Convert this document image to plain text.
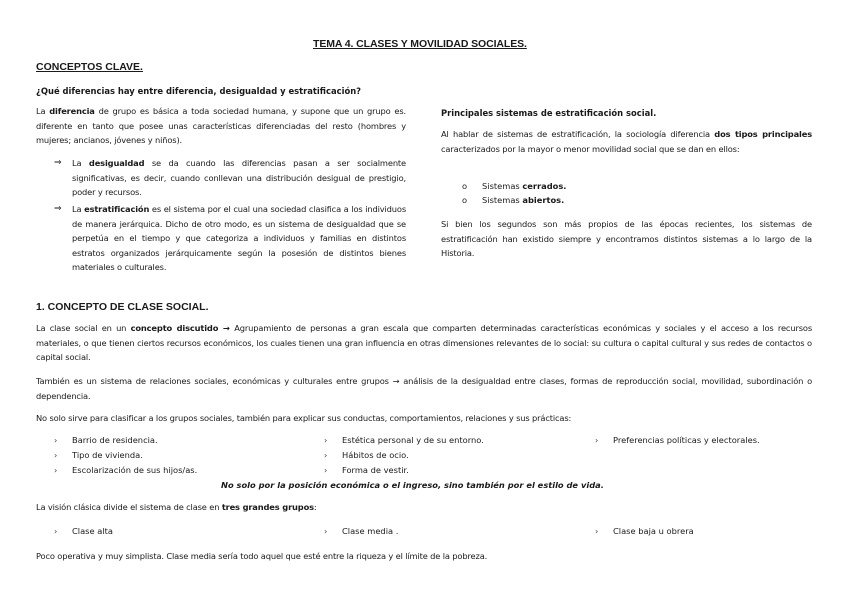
TEMA 4. CLASES Y MOVILIDAD SOCIALES.
CONCEPTOS CLAVE.
¿Qué diferencias hay entre diferencia, desigualdad y estratificación?
La diferencia de grupo es básica a toda sociedad humana, y supone que un grupo es. diferente en tanto que posee unas características diferenciadas del resto (hombres y mujeres; ancianos, jóvenes y niños).
⇒ La desigualdad se da cuando las diferencias pasan a ser socialmente significativas, es decir, cuando conllevan una distribución desigual de prestigio, poder y recursos.
⇒ La estratificación es el sistema por el cual una sociedad clasifica a los individuos de manera jerárquica. Dicho de otro modo, es un sistema de desigualdad que se perpetúa en el tiempo y que categoriza a individuos y familias en distintos estratos organizados jerárquicamente según la posesión de distintos bienes materiales o culturales.
Principales sistemas de estratificación social.
Al hablar de sistemas de estratificación, la sociología diferencia dos tipos principales caracterizados por la mayor o menor movilidad social que se dan en ellos:
o Sistemas cerrados.
o Sistemas abiertos.
Si bien los segundos son más propios de las épocas recientes, los sistemas de estratificación han existido siempre y encontramos distintos sistemas a lo largo de la Historia.
1. CONCEPTO DE CLASE SOCIAL.
La clase social en un concepto discutido → Agrupamiento de personas a gran escala que comparten determinadas características económicas y sociales y el acceso a los recursos materiales, o que tienen ciertos recursos económicos, los cuales tienen una gran influencia en otras dimensiones relevantes de lo social: su cultura o capital cultural y sus redes de contactos o capital social.
También es un sistema de relaciones sociales, económicas y culturales entre grupos → análisis de la desigualdad entre clases, formas de reproducción social, movilidad, subordinación o dependencia.
No solo sirve para clasificar a los grupos sociales, también para explicar sus conductas, comportamientos, relaciones y sus prácticas:
› Barrio de residencia.
› Tipo de vivienda.
› Escolarización de sus hijos/as.
› Estética personal y de su entorno.
› Hábitos de ocio.
› Forma de vestir.
› Preferencias políticas y electorales.
No solo por la posición económica o el ingreso, sino también por el estilo de vida.
La visión clásica divide el sistema de clase en tres grandes grupos:
› Clase alta	› Clase media .	› Clase baja u obrera
Poco operativa y muy simplista. Clase media sería todo aquel que esté entre la riqueza y el límite de la pobreza.
